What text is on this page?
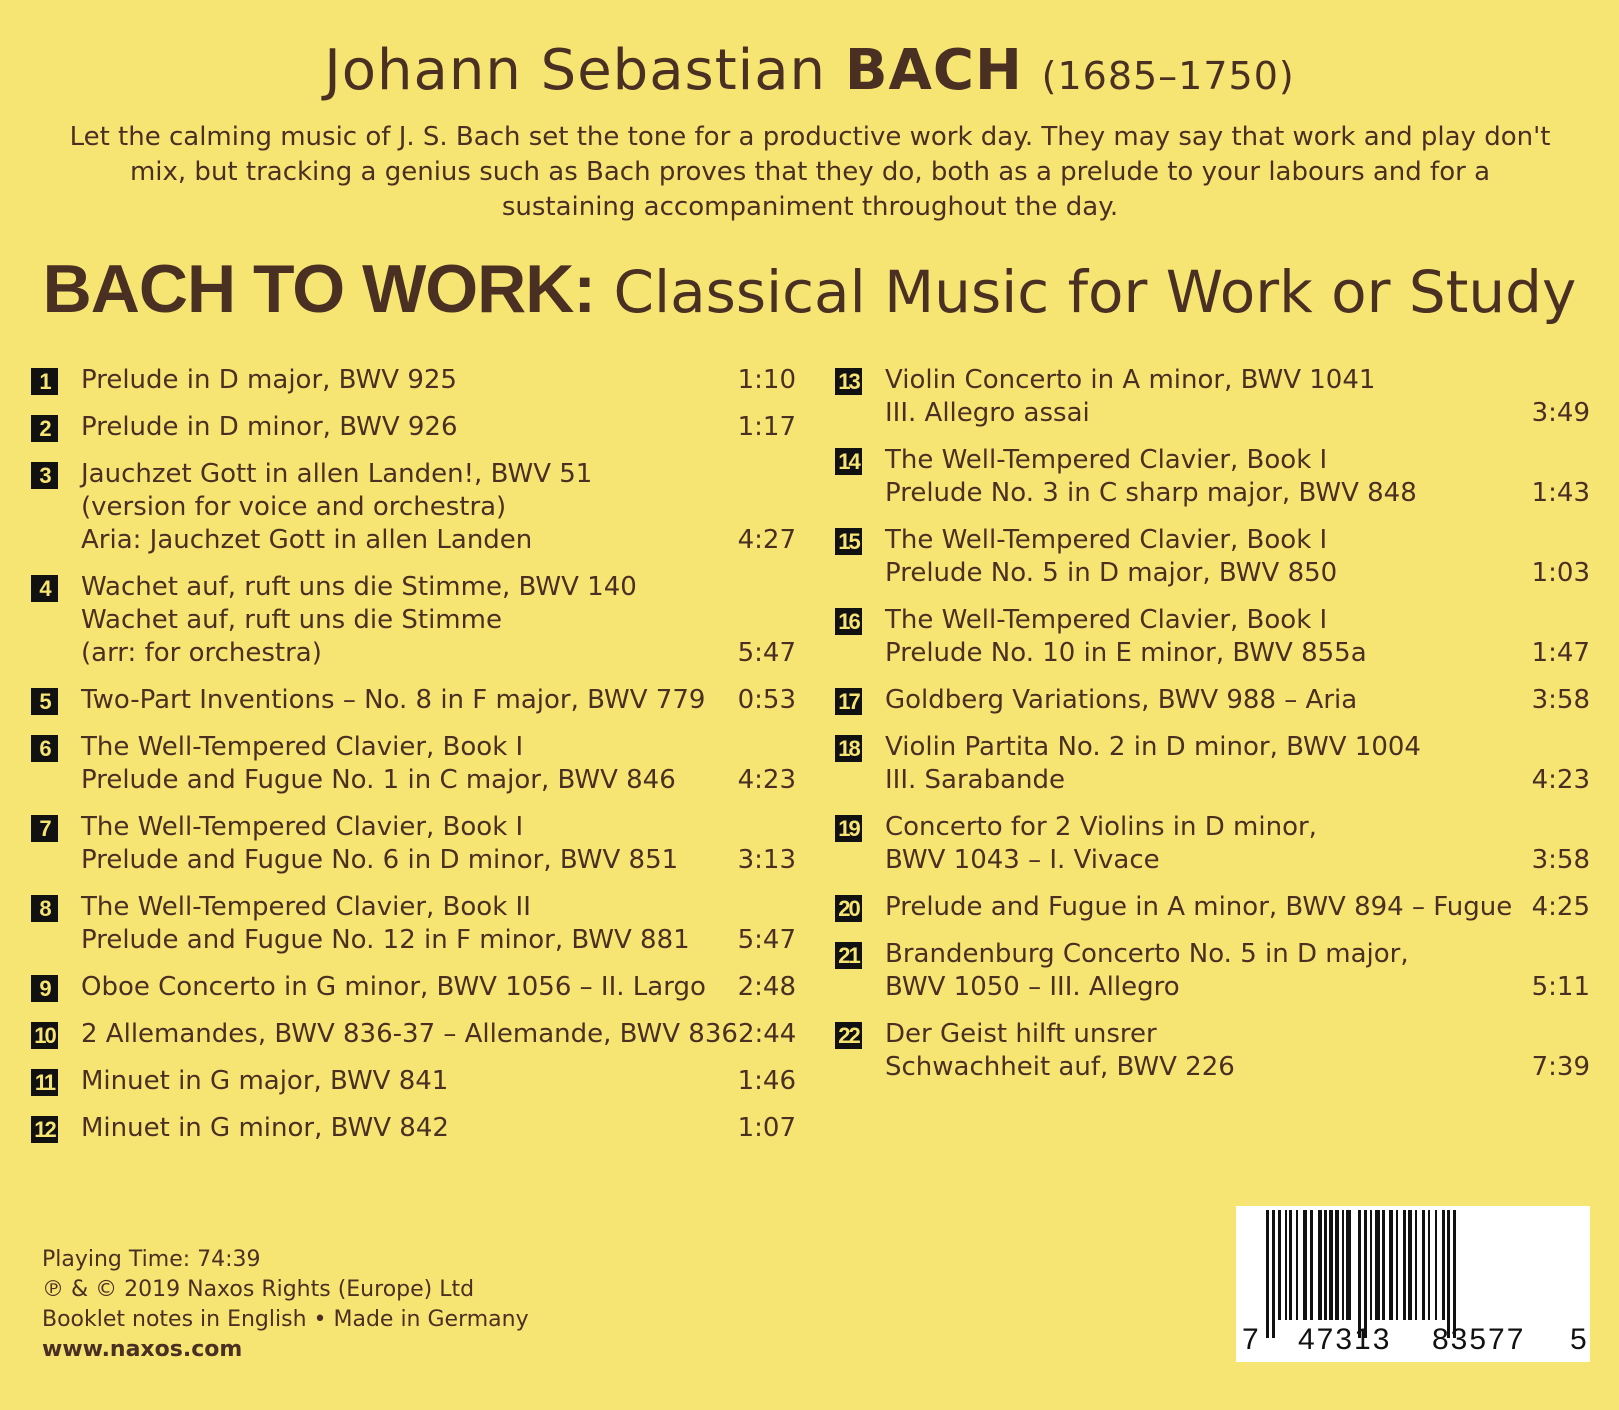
Johann Sebastian BACH (1685–1750)
Let the calming music of J. S. Bach set the tone for a productive work day. They may say that work and play don't mix, but tracking a genius such as Bach proves that they do, both as a prelude to your labours and for a sustaining accompaniment throughout the day.
BACH TO WORK: Classical Music for Work or Study
1	Prelude in D major, BWV 925	1:10
2	Prelude in D minor, BWV 926	1:17
3	Jauchzet Gott in allen Landen!, BWV 51
(version for voice and orchestra)
Aria: Jauchzet Gott in allen Landen	4:27
4	Wachet auf, ruft uns die Stimme, BWV 140
Wachet auf, ruft uns die Stimme
(arr: for orchestra)	5:47
5	Two-Part Inventions – No. 8 in F major, BWV 779	0:53
6	The Well-Tempered Clavier, Book I
Prelude and Fugue No. 1 in C major, BWV 846	4:23
7	The Well-Tempered Clavier, Book I
Prelude and Fugue No. 6 in D minor, BWV 851	3:13
8	The Well-Tempered Clavier, Book II
Prelude and Fugue No. 12 in F minor, BWV 881	5:47
9	Oboe Concerto in G minor, BWV 1056 – II. Largo	2:48
10 2 Allemandes, BWV 836-37 – Allemande, BWV 836 2:44
11 Minuet in G major, BWV 841	1:46
12 Minuet in G minor, BWV 842	1:07
13 Violin Concerto in A minor, BWV 1041
III. Allegro assai	3:49
14 The Well-Tempered Clavier, Book I
Prelude No. 3 in C sharp major, BWV 848	1:43
15 The Well-Tempered Clavier, Book I
Prelude No. 5 in D major, BWV 850	1:03
16 The Well-Tempered Clavier, Book I
Prelude No. 10 in E minor, BWV 855a	1:47
17 Goldberg Variations, BWV 988 – Aria	3:58
18 Violin Partita No. 2 in D minor, BWV 1004
III. Sarabande	4:23
19 Concerto for 2 Violins in D minor,
BWV 1043 – I. Vivace	3:58
20 Prelude and Fugue in A minor, BWV 894 – Fugue 4:25
21 Brandenburg Concerto No. 5 in D major,
BWV 1050 – III. Allegro	5:11
22 Der Geist hilft unsrer
Schwachheit auf, BWV 226	7:39
Playing Time: 74:39
℗ & © 2019 Naxos Rights (Europe) Ltd
Booklet notes in English • Made in Germany
www.naxos.com	7 47313 83577 5
